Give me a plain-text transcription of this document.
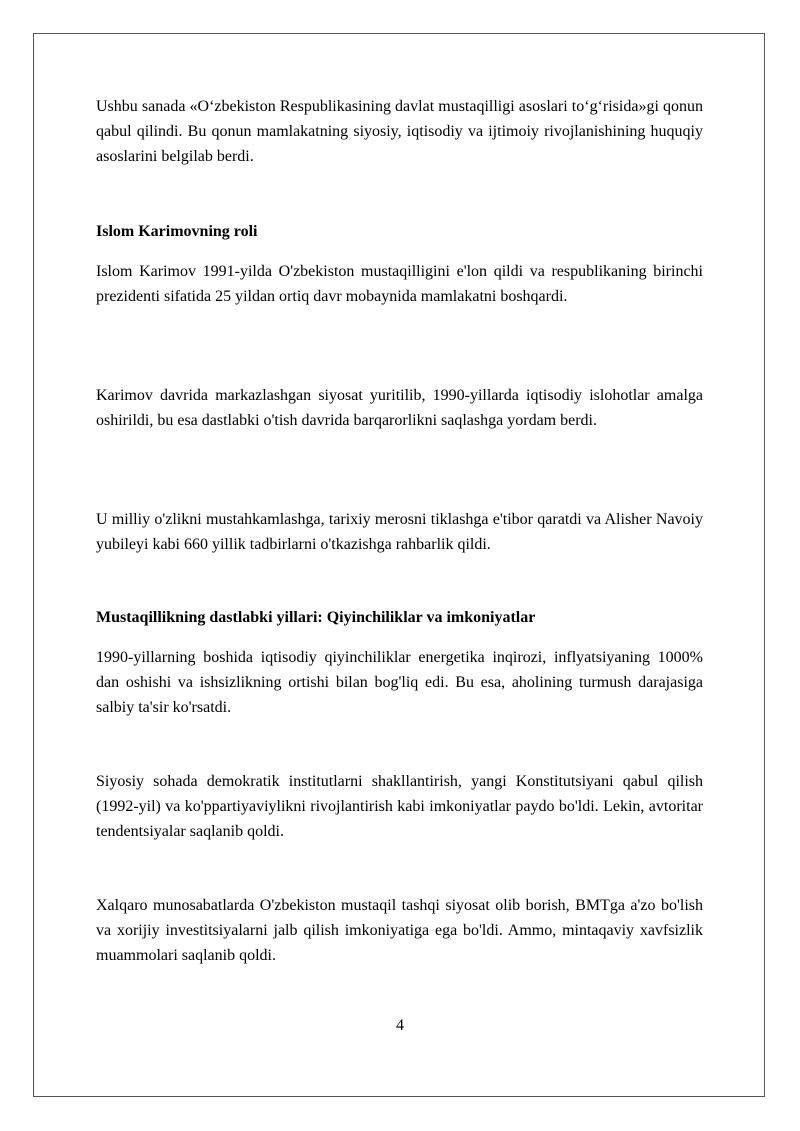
Ushbu sanada «O‘zbekiston Respublikasining davlat mustaqilligi asoslari to‘g‘risida»gi qonun qabul qilindi. Bu qonun mamlakatning siyosiy, iqtisodiy va ijtimoiy rivojlanishining huquqiy asoslarini belgilab berdi.

Islom Karimovning roli

Islom Karimov 1991-yilda O'zbekiston mustaqilligini e'lon qildi va respublikaning birinchi prezidenti sifatida 25 yildan ortiq davr mobaynida mamlakatni boshqardi.

Karimov davrida markazlashgan siyosat yuritilib, 1990-yillarda iqtisodiy islohotlar amalga oshirildi, bu esa dastlabki o'tish davrida barqarorlikni saqlashga yordam berdi.

U milliy o'zlikni mustahkamlashga, tarixiy merosni tiklashga e'tibor qaratdi va Alisher Navoiy yubileyi kabi 660 yillik tadbirlarni o'tkazishga rahbarlik qildi.

Mustaqillikning dastlabki yillari: Qiyinchiliklar va imkoniyatlar

1990-yillarning boshida iqtisodiy qiyinchiliklar energetika inqirozi, inflyatsiyaning 1000% dan oshishi va ishsizlikning ortishi bilan bog'liq edi. Bu esa, aholining turmush darajasiga salbiy ta'sir ko'rsatdi.

Siyosiy sohada demokratik institutlarni shakllantirish, yangi Konstitutsiyani qabul qilish (1992-yil) va ko'ppartiyaviylikni rivojlantirish kabi imkoniyatlar paydo bo'ldi. Lekin, avtoritar tendentsiyalar saqlanib qoldi.

Xalqaro munosabatlarda O'zbekiston mustaqil tashqi siyosat olib borish, BMTga a'zo bo'lish va xorijiy investitsiyalarni jalb qilish imkoniyatiga ega bo'ldi. Ammo, mintaqaviy xavfsizlik muammolari saqlanib qoldi.

4
